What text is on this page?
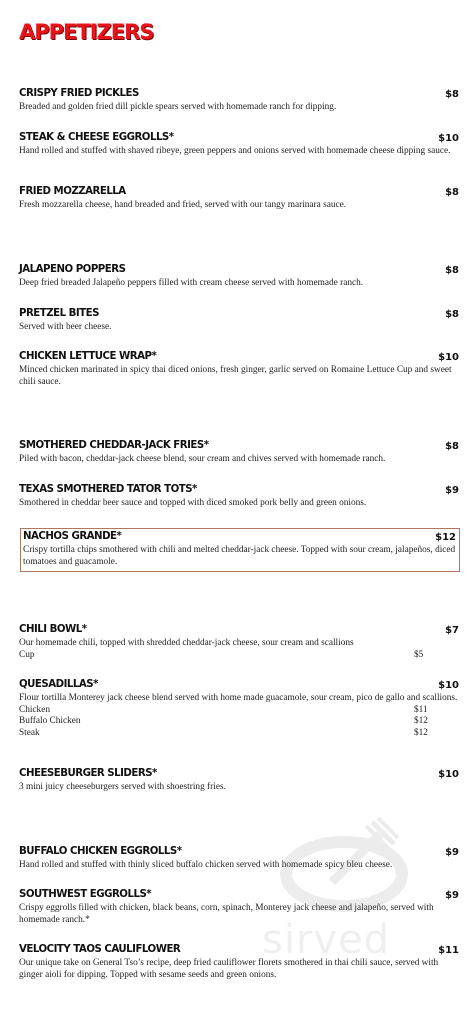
APPETIZERS
CRISPY FRIED PICKLES	$8
Breaded and golden fried dill pickle spears served with homemade ranch for dipping.
STEAK & CHEESE EGGROLLS*	$10
Hand rolled and stuffed with shaved ribeye, green peppers and onions served with homemade cheese dipping sauce.
FRIED MOZZARELLA	$8
Fresh mozzarella cheese, hand breaded and fried, served with our tangy marinara sauce.
JALAPENO POPPERS	$8
Deep fried breaded Jalapeño peppers filled with cream cheese served with homemade ranch.
PRETZEL BITES	$8
Served with beer cheese.
CHICKEN LETTUCE WRAP*	$10
Minced chicken marinated in spicy thai diced onions, fresh ginger, garlic served on Romaine Lettuce Cup and sweet chili sauce.
SMOTHERED CHEDDAR-JACK FRIES*	$8
Piled with bacon, cheddar-jack cheese blend, sour cream and chives served with homemade ranch.
TEXAS SMOTHERED TATOR TOTS*	$9
Smothered in cheddar beer sauce and topped with diced smoked pork belly and green onions.
NACHOS GRANDE*	$12
Crispy tortilla chips smothered with chili and melted cheddar-jack cheese. Topped with sour cream, jalapeños, diced tomatoes and guacamole.
CHILI BOWL*	$7
Our homemade chili, topped with shredded cheddar-jack cheese, sour cream and scallions
Cup	$5
QUESADILLAS*	$10
Flour tortilla Monterey jack cheese blend served with home made guacamole, sour cream, pico de gallo and scallions.
Chicken	$11
Buffalo Chicken	$12
Steak	$12
CHEESEBURGER SLIDERS*	$10
3 mini juicy cheeseburgers served with shoestring fries.
BUFFALO CHICKEN EGGROLLS*	$9
Hand rolled and stuffed with thinly sliced buffalo chicken served with homemade spicy bleu cheese.
SOUTHWEST EGGROLLS*	$9
Crispy eggrolls filled with chicken, black beans, corn, spinach, Monterey jack cheese and jalapeño, served with homemade ranch.*
VELOCITY TAOS CAULIFLOWER	$11
Our unique take on General Tso’s recipe, deep fried cauliflower florets smothered in thai chili sauce, served with ginger aioli for dipping. Topped with sesame seeds and green onions.
sirved
